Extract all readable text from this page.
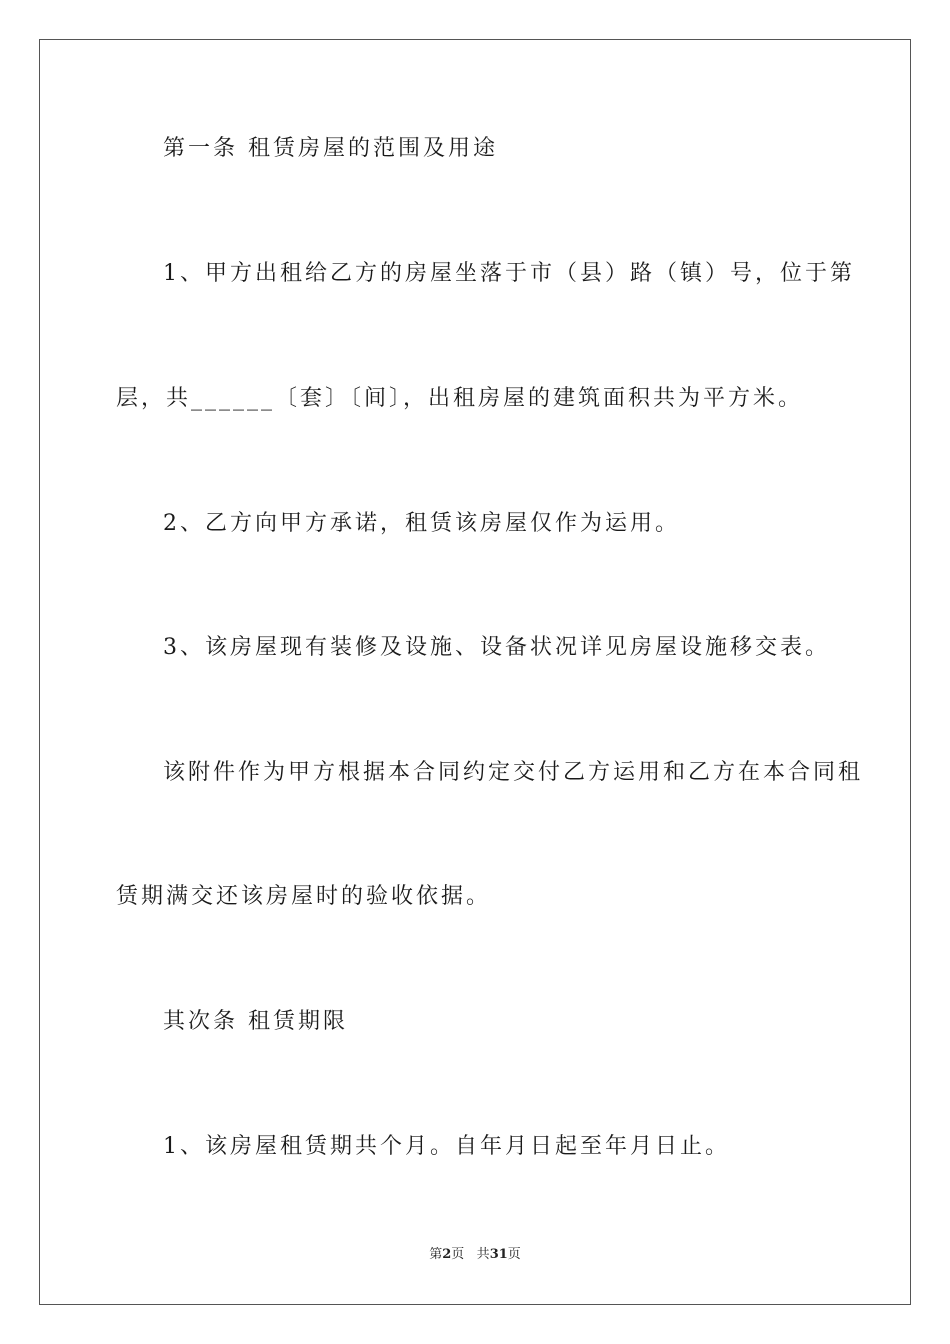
第一条 租赁房屋的范围及用途
1、甲方出租给乙方的房屋坐落于市（县）路（镇）号，位于第
层，共______〔套〕〔间〕，出租房屋的建筑面积共为平方米。
2、乙方向甲方承诺，租赁该房屋仅作为运用。
3、该房屋现有装修及设施、设备状况详见房屋设施移交表。
该附件作为甲方根据本合同约定交付乙方运用和乙方在本合同租
赁期满交还该房屋时的验收依据。
其次条 租赁期限
1、该房屋租赁期共个月。自年月日起至年月日止。
第2页 共31页
